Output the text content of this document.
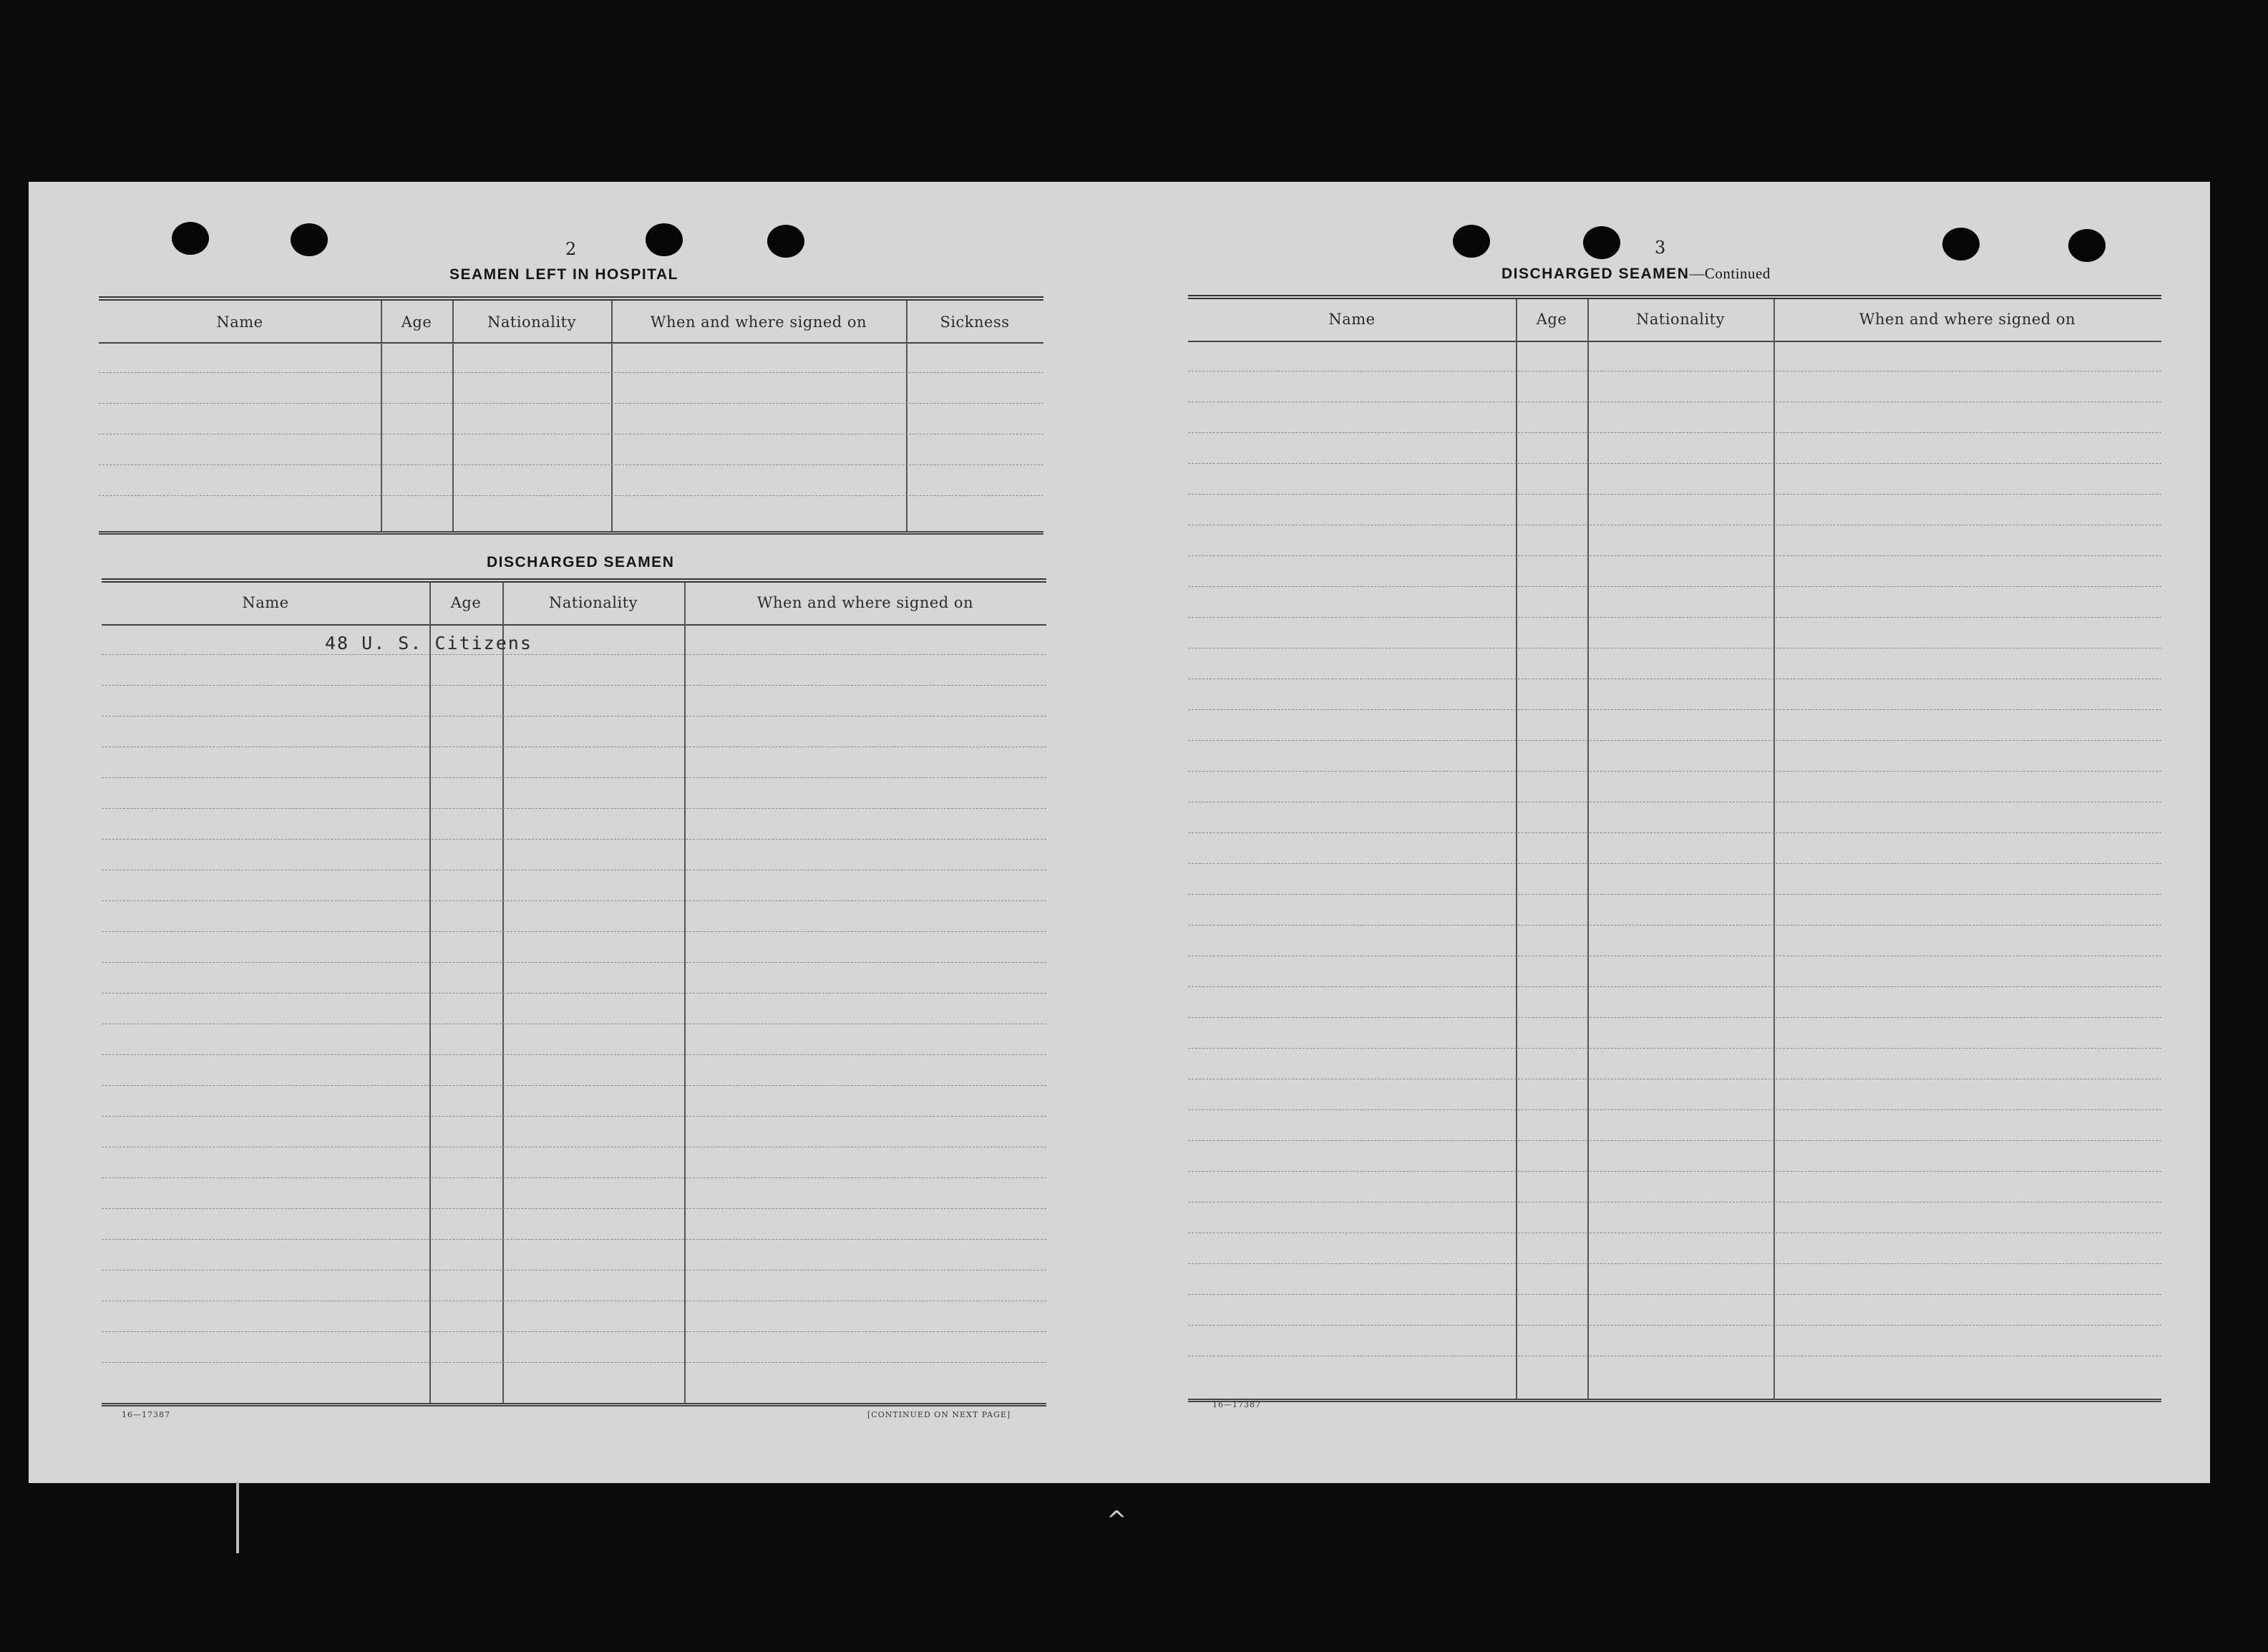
2
SEAMEN LEFT IN HOSPITAL
Name	Age	Nationality	When and where signed on	Sickness
DISCHARGED SEAMEN
Name	Age	Nationality	When and where signed on
48 U. S. Citizens
16—17387	[CONTINUED ON NEXT PAGE]
3
DISCHARGED SEAMEN—Continued
Name	Age	Nationality	When and where signed on
16—17387
^
